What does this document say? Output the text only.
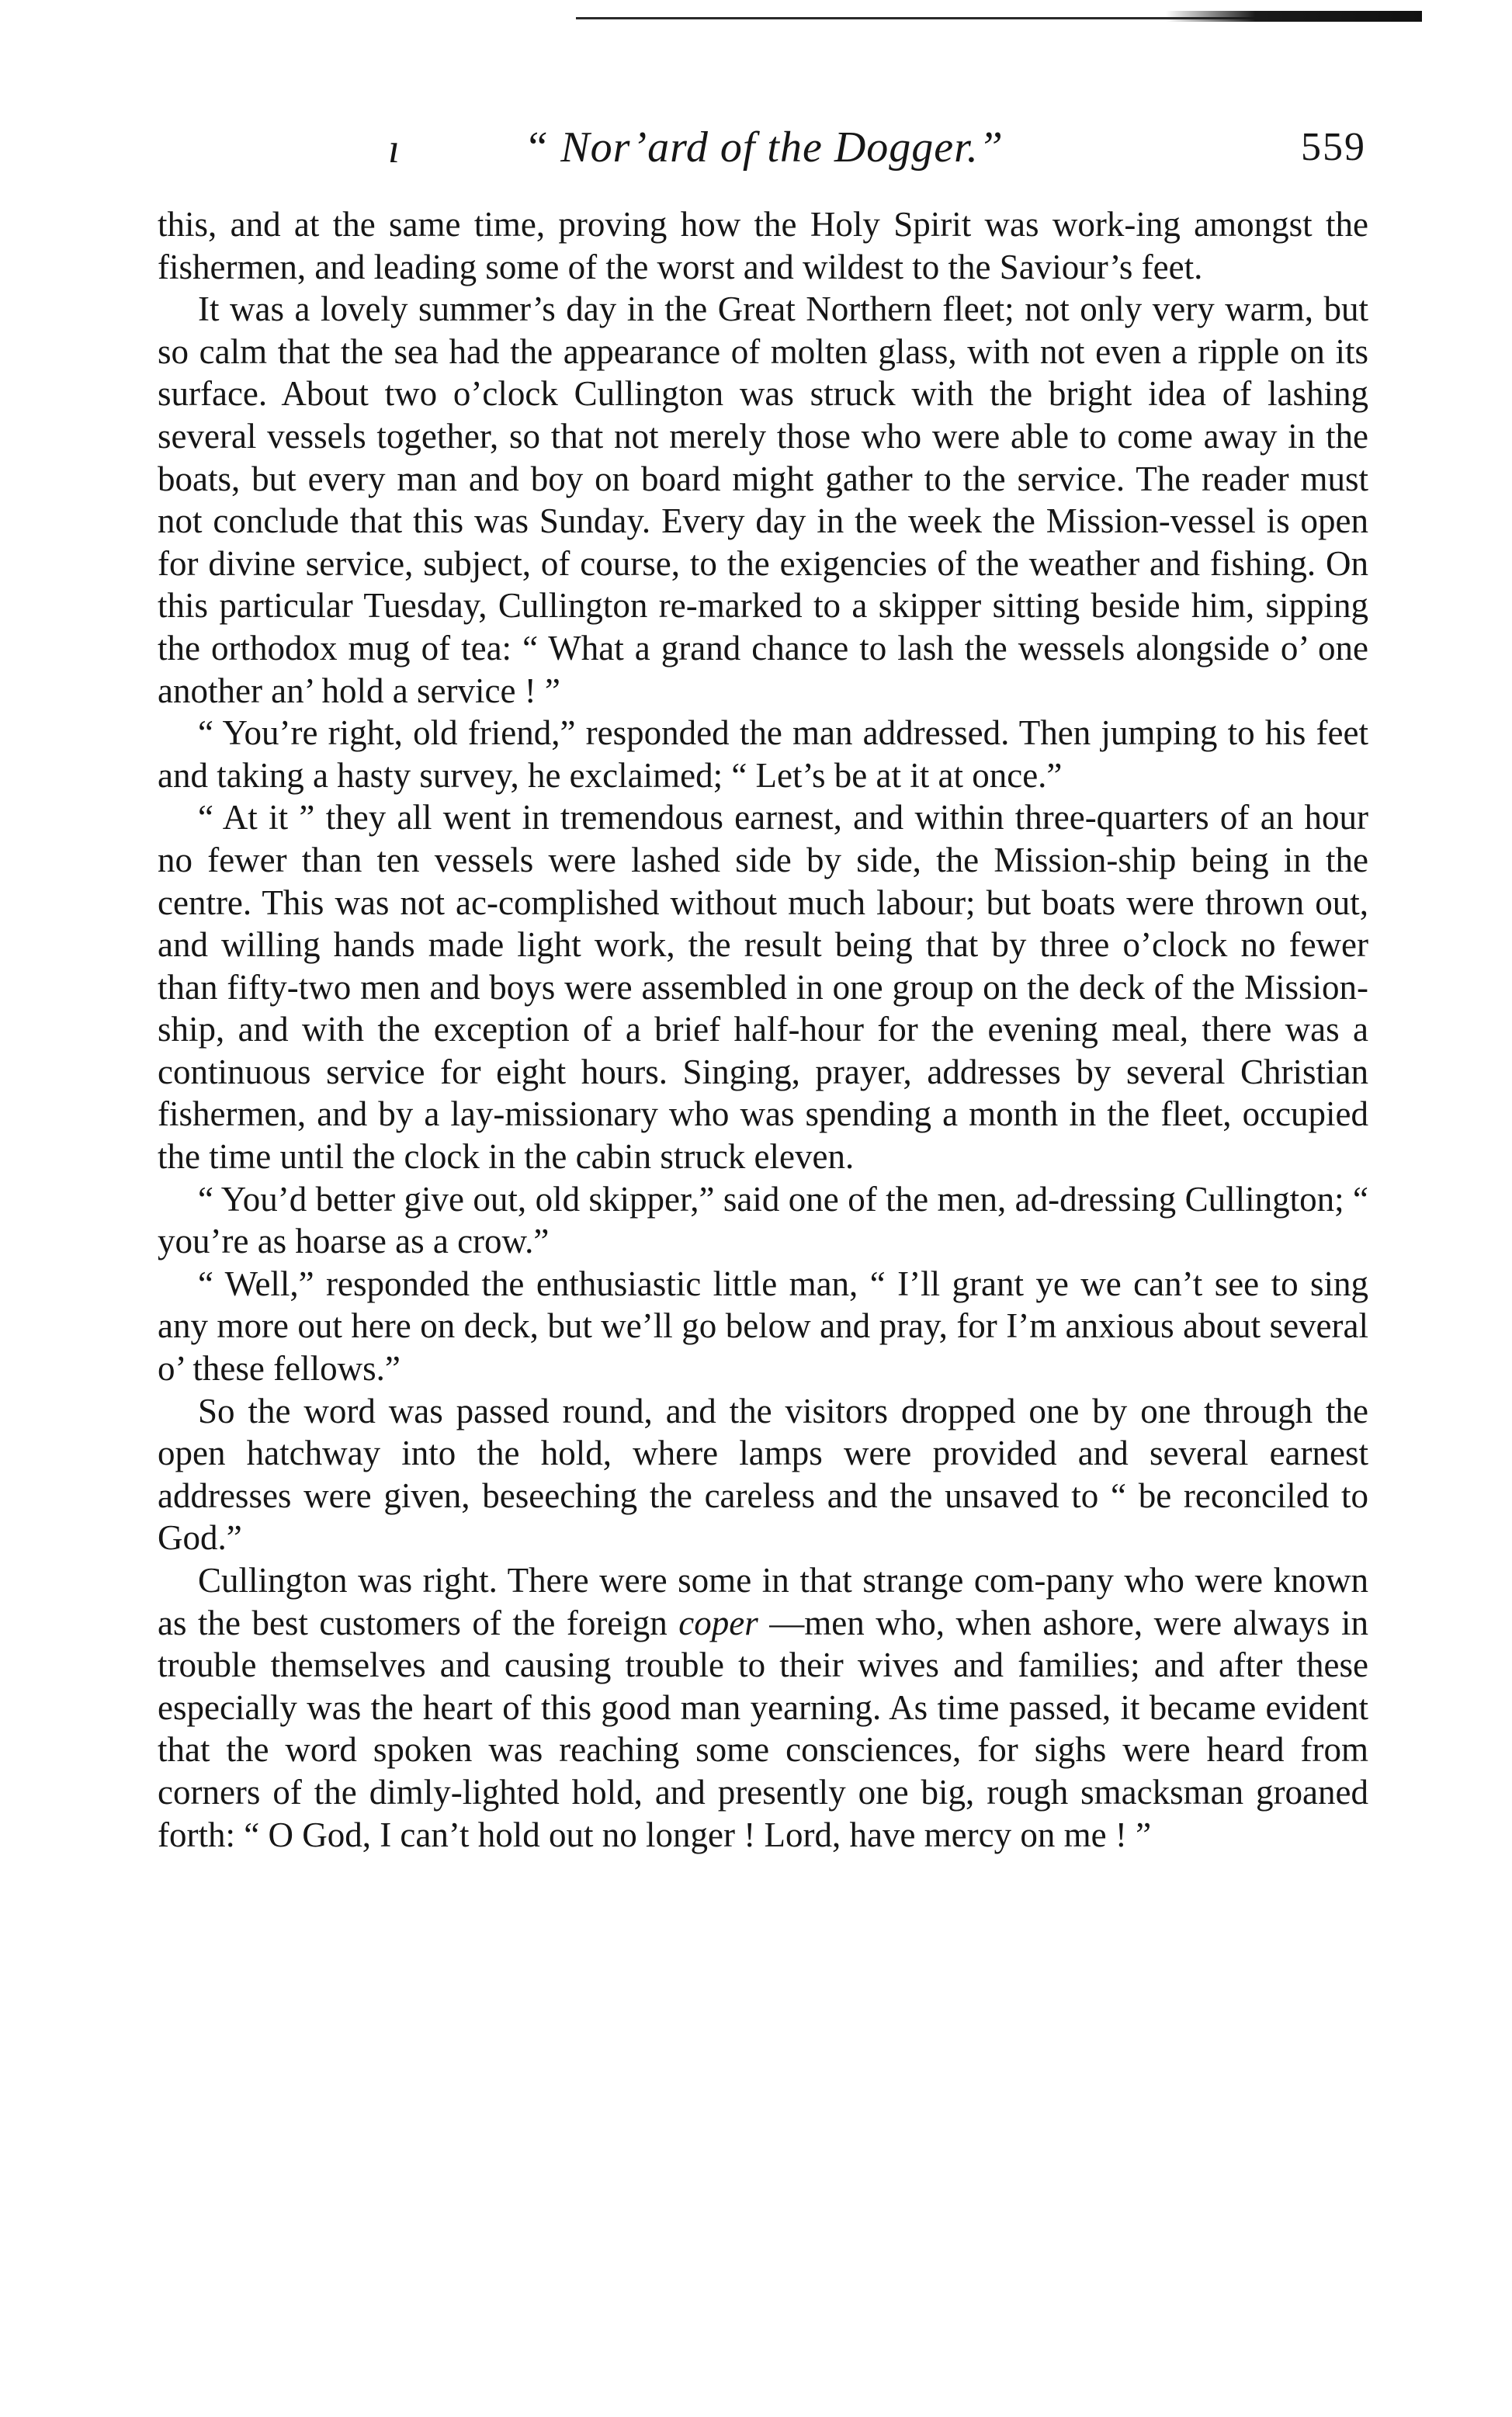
ı	“ Nor’ard of the Dogger.”	559

this, and at the same time, proving how the Holy Spirit was work-ing amongst the fishermen, and leading some of the worst and wildest to the Saviour’s feet.

It was a lovely summer’s day in the Great Northern fleet; not only very warm, but so calm that the sea had the appearance of molten glass, with not even a ripple on its surface. About two o’clock Cullington was struck with the bright idea of lashing several vessels together, so that not merely those who were able to come away in the boats, but every man and boy on board might gather to the service. The reader must not conclude that this was Sunday. Every day in the week the Mission-vessel is open for divine service, subject, of course, to the exigencies of the weather and fishing. On this particular Tuesday, Cullington re-marked to a skipper sitting beside him, sipping the orthodox mug of tea: “ What a grand chance to lash the wessels alongside o’ one another an’ hold a service ! ”

“ You’re right, old friend,” responded the man addressed. Then jumping to his feet and taking a hasty survey, he exclaimed; “ Let’s be at it at once.”

“ At it ” they all went in tremendous earnest, and within three-quarters of an hour no fewer than ten vessels were lashed side by side, the Mission-ship being in the centre. This was not ac-complished without much labour; but boats were thrown out, and willing hands made light work, the result being that by three o’clock no fewer than fifty-two men and boys were assembled in one group on the deck of the Mission-ship, and with the exception of a brief half-hour for the evening meal, there was a continuous service for eight hours. Singing, prayer, addresses by several Christian fishermen, and by a lay-missionary who was spending a month in the fleet, occupied the time until the clock in the cabin struck eleven.

“ You’d better give out, old skipper,” said one of the men, ad-dressing Cullington; “ you’re as hoarse as a crow.”

“ Well,” responded the enthusiastic little man, “ I’ll grant ye we can’t see to sing any more out here on deck, but we’ll go below and pray, for I’m anxious about several o’ these fellows.”

So the word was passed round, and the visitors dropped one by one through the open hatchway into the hold, where lamps were provided and several earnest addresses were given, beseeching the careless and the unsaved to “ be reconciled to God.”

Cullington was right. There were some in that strange com-pany who were known as the best customers of the foreign coper —men who, when ashore, were always in trouble themselves and causing trouble to their wives and families; and after these especially was the heart of this good man yearning. As time passed, it became evident that the word spoken was reaching some consciences, for sighs were heard from corners of the dimly-lighted hold, and presently one big, rough smacksman groaned forth: “ O God, I can’t hold out no longer ! Lord, have mercy on me ! ”
